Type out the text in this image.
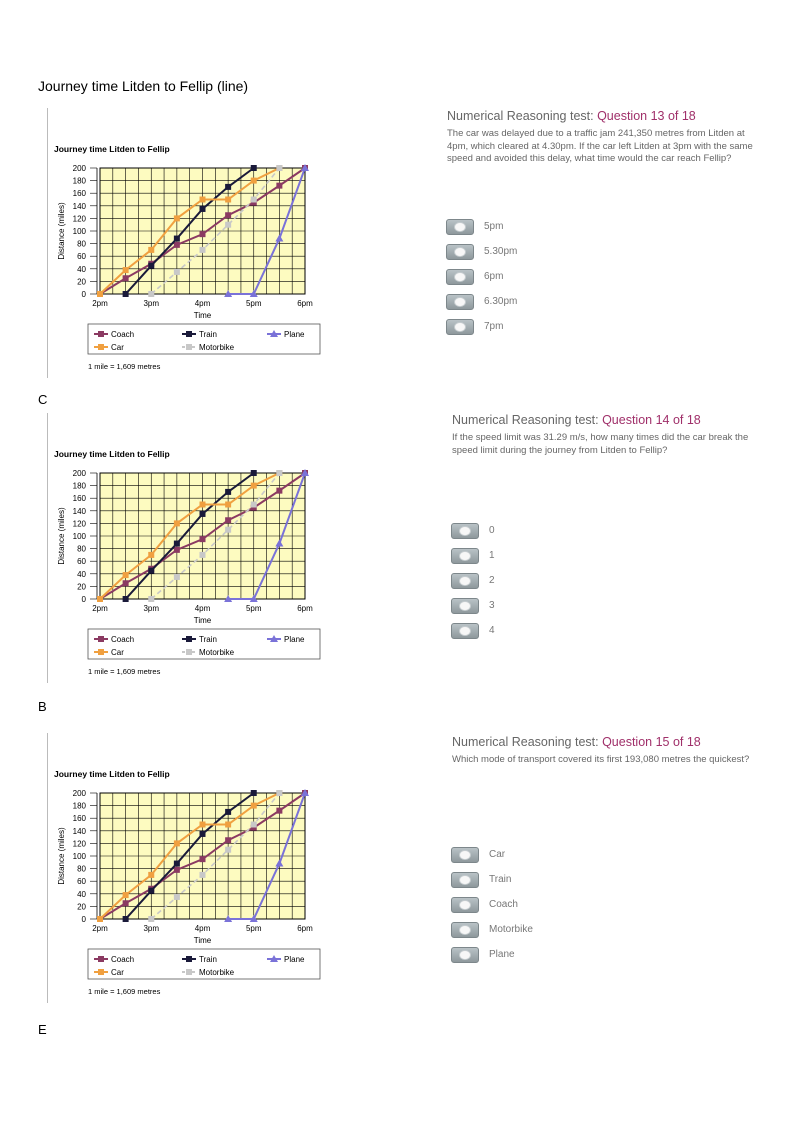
Journey time Litden to Fellip (line)
Journey time Litden to Fellip
0
20
40
60
80
100
120
140
160
180
200
2pm	3pm	4pm	5pm	6pm
Time
Distance (miles)
Coach	Train	Plane
Car	Motorbike
1 mile = 1,609 metres
Numerical Reasoning test: Question 13 of 18
The car was delayed due to a traffic jam 241,350 metres from Litden at 4pm, which cleared at 4.30pm. If the car left Litden at 3pm with the same speed and avoided this delay, what time would the car reach Fellip?
5pm
5.30pm
6pm
6.30pm
7pm
C
Journey time Litden to Fellip
0
20
40
60
80
100
120
140
160
180
200
2pm	3pm	4pm	5pm	6pm
Time
Distance (miles)
Coach	Train	Plane
Car	Motorbike
1 mile = 1,609 metres
Numerical Reasoning test: Question 14 of 18
If the speed limit was 31.29 m/s, how many times did the car break the speed limit during the journey from Litden to Fellip?
0
1
2
3
4
B
Journey time Litden to Fellip
0
20
40
60
80
100
120
140
160
180
200
2pm	3pm	4pm	5pm	6pm
Time
Distance (miles)
Coach	Train	Plane
Car	Motorbike
1 mile = 1,609 metres
Numerical Reasoning test: Question 15 of 18
Which mode of transport covered its first 193,080 metres the quickest?
Car
Train
Coach
Motorbike
Plane
E
